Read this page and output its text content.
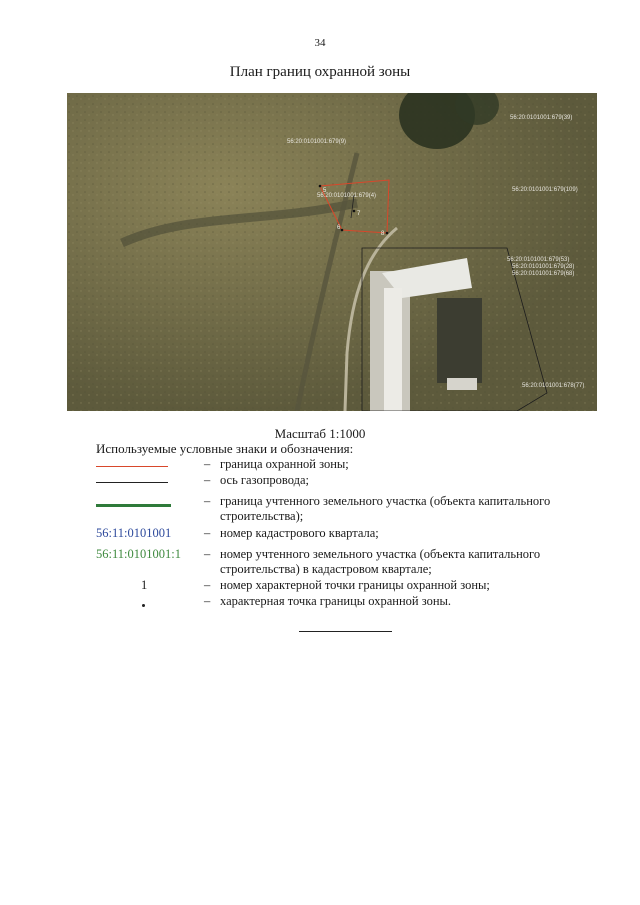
34
План границ охранной зоны
5
6
7
8
56:20:0101001:679(9)
56:20:0101001:679(4)
56:20:0101001:679(39)
56:20:0101001:679(109)
56:20:0101001:679(53)
56:20:0101001:679(28)
56:20:0101001:679(68)
56:20:0101001:678(77)
Масштаб 1:1000
Используемые условные знаки и обозначения:
– граница охранной зоны;
– ось газопровода;
– граница учтенного земельного участка (объекта капитального строительства);
56:11:0101001	– номер кадастрового квартала;
56:11:0101001:1 – номер учтенного земельного участка (объекта капитального строительства) в кадастровом квартале;
1	– номер характерной точки границы охранной зоны;
– характерная точка границы охранной зоны.
